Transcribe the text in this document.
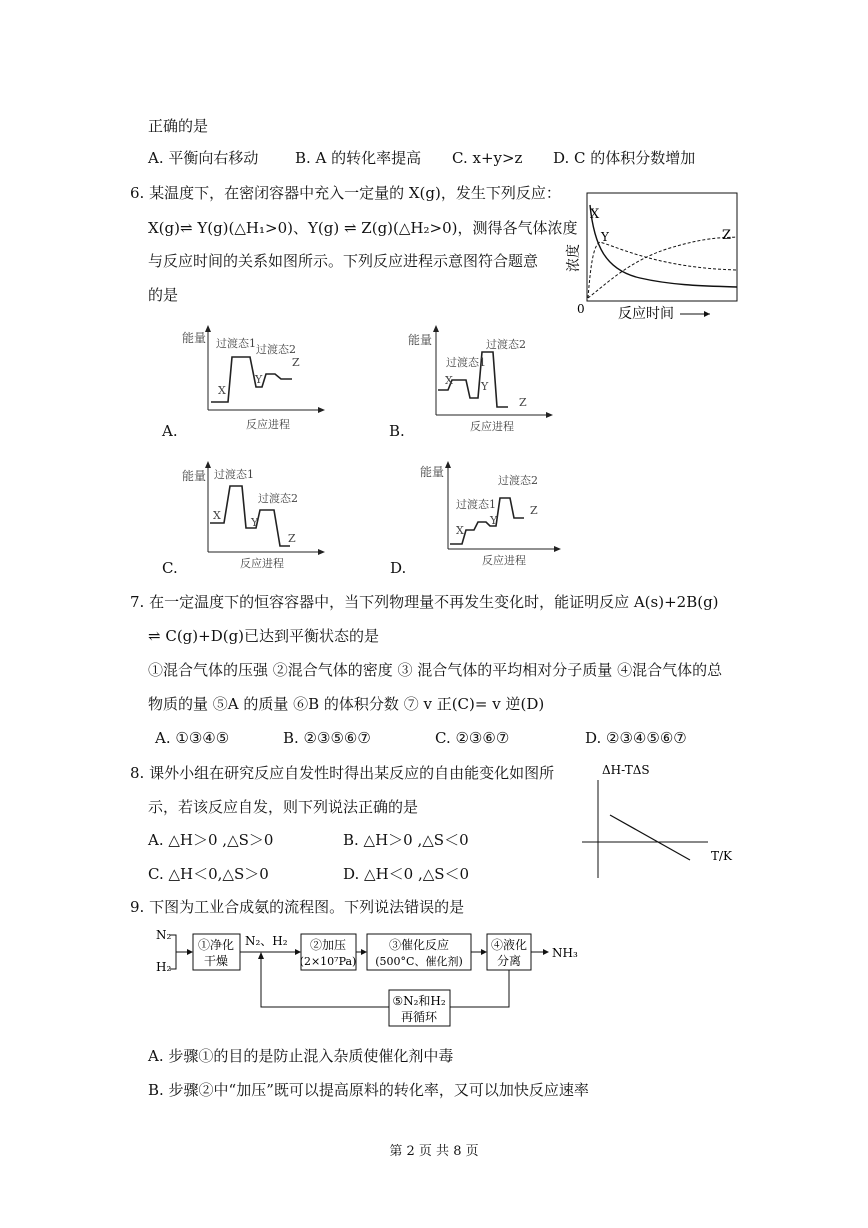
正确的是
A. 平衡向右移动 B. A 的转化率提高 C. x+y>z D. C 的体积分数增加
6. 某温度下，在密闭容器中充入一定量的 X(g)，发生下列反应：
X(g)⇌ Y(g)(△H₁>0)、Y(g) ⇌ Z(g)(△H₂>0)，测得各气体浓度
与反应时间的关系如图所示。下列反应进程示意图符合题意
的是
X
Y	Z
0 反应时间
浓度
能量 过渡态1 过渡态2
X
Y
Z
反应进程
A.
能量
过渡态1
过渡态2
X	Y
Z
反应进程
B.
能量 过渡态1
过渡态2
X
Y
Z
反应进程
C.
能量
过渡态1
过渡态2
X
Y
Z
反应进程
D.
7. 在一定温度下的恒容容器中，当下列物理量不再发生变化时，能证明反应 A(s)+2B(g)
⇌ C(g)+D(g)已达到平衡状态的是
①混合气体的压强 ②混合气体的密度 ③ 混合气体的平均相对分子质量 ④混合气体的总
物质的量 ⑤A 的质量 ⑥B 的体积分数 ⑦ v 正(C)= v 逆(D)
A. ①③④⑤	B. ②③⑤⑥⑦	C. ②③⑥⑦	D. ②③④⑤⑥⑦
8. 课外小组在研究反应自发性时得出某反应的自由能变化如图所
示，若该反应自发，则下列说法正确的是
A. △H＞0 ,△S＞0	B. △H＞0 ,△S＜0
C. △H＜0,△S＞0	D. △H＜0 ,△S＜0
ΔH-TΔS
T/K
9. 下图为工业合成氨的流程图。下列说法错误的是
N₂
H₂
①净化
干燥
N₂、H₂ ②加压
(2×10⁷Pa)
③催化反应
(500°C、催化剂)
④液化
分离
NH₃
⑤N₂和H₂
再循环
A. 步骤①的目的是防止混入杂质使催化剂中毒
B. 步骤②中“加压”既可以提高原料的转化率，又可以加快反应速率
第 2 页 共 8 页
